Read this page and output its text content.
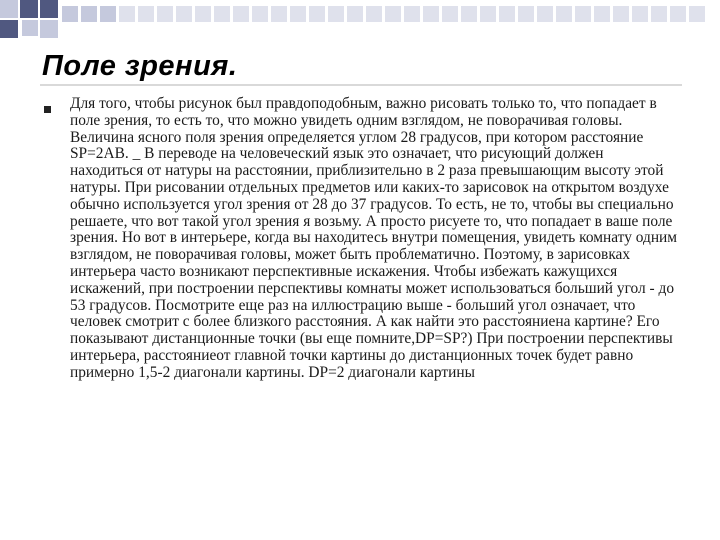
Поле зрения.
Для того, чтобы рисунок был правдоподобным, важно рисовать только то, что попадает в поле зрения, то есть то, что можно увидеть одним взглядом, не поворачивая головы. Величина ясного поля зрения определяется углом 28 градусов, при котором расстояние SP=2AB. _ В переводе на человеческий язык это означает, что рисующий должен находиться от натуры на расстоянии, приблизительно в 2 раза превышающим высоту этой натуры. При рисовании отдельных предметов или каких-то зарисовок на открытом воздухе обычно используется угол зрения от 28 до 37 градусов. То есть, не то, чтобы вы специально решаете, что вот такой угол зрения я возьму. А просто рисуете то, что попадает в ваше поле зрения. Но вот в интерьере, когда вы находитесь внутри помещения, увидеть комнату одним взглядом, не поворачивая головы, может быть проблематично. Поэтому, в зарисовках интерьера часто возникают перспективные искажения. Чтобы избежать кажущихся искажений, при построении перспективы комнаты может использоваться больший угол - до 53 градусов. Посмотрите еще раз на иллюстрацию выше - больший угол означает, что человек смотрит с более близкого расстояния. А как найти это расстояниена картине? Его показывают дистанционные точки (вы еще помните,DP=SP?) При построении перспективы интерьера, расстояниеот главной точки картины до дистанционных точек будет равно примерно 1,5-2 диагонали картины. DP=2 диагонали картины
